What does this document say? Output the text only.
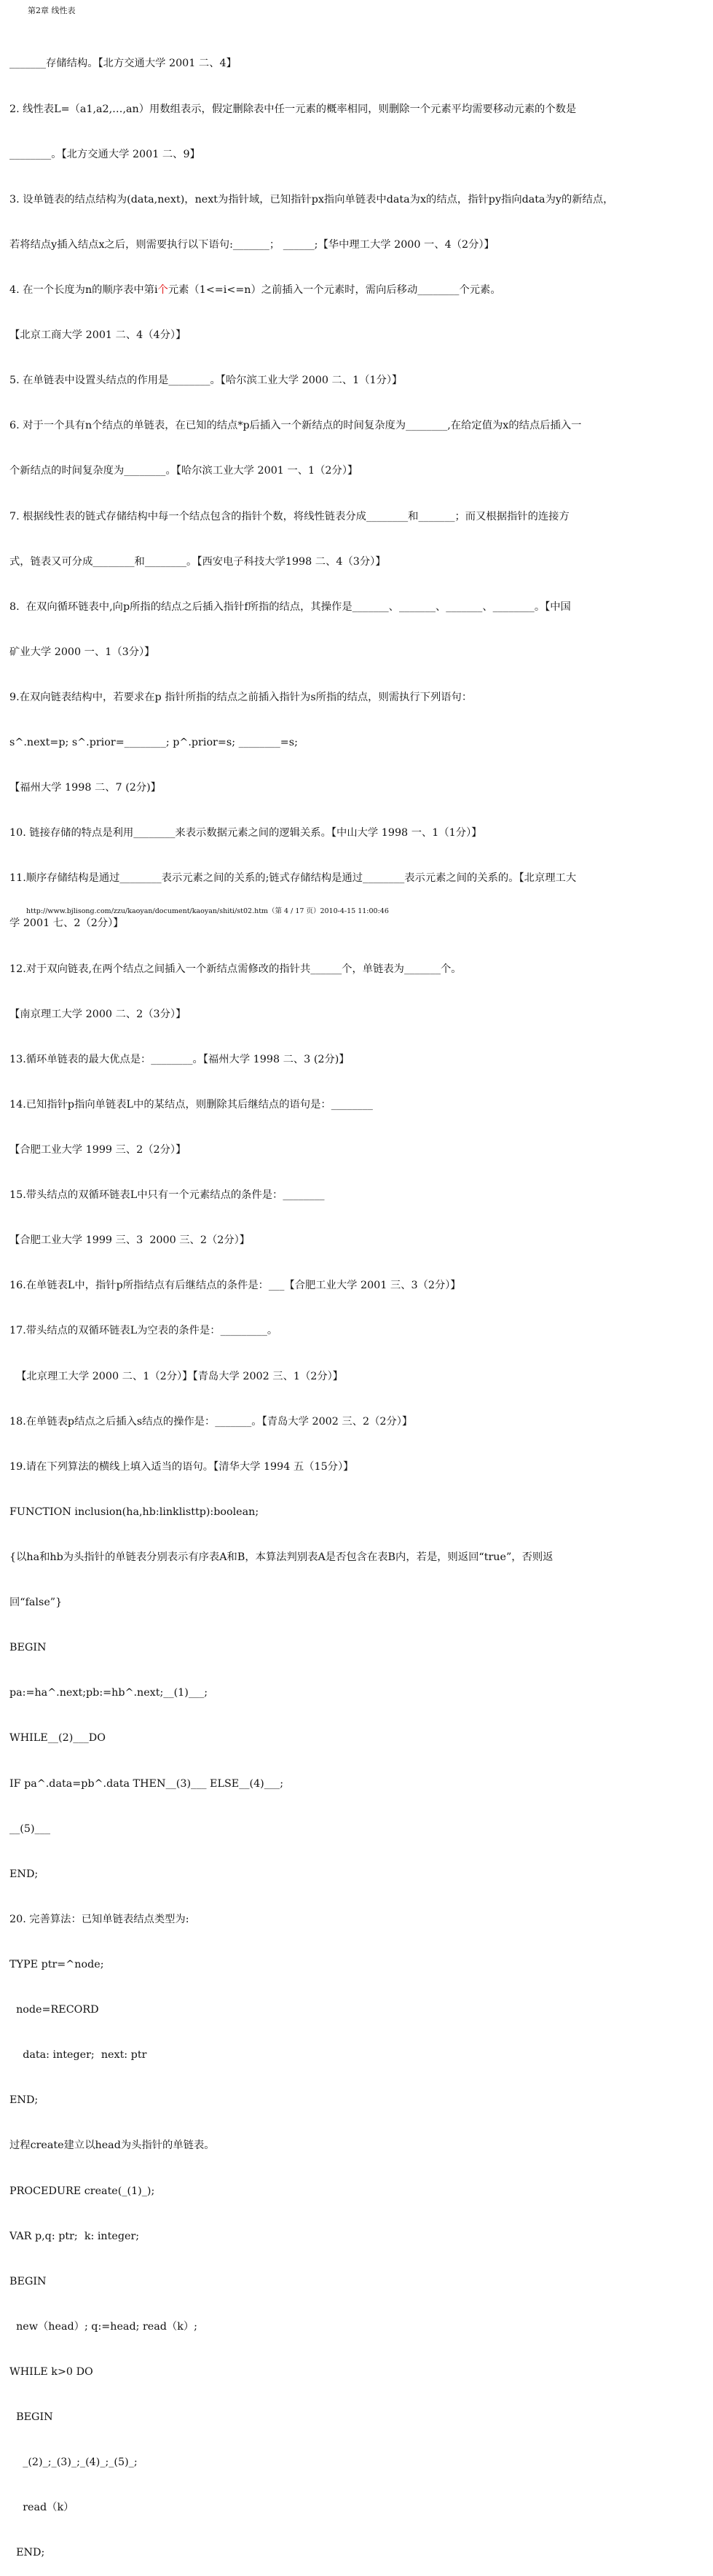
第2章 线性表

_______存储结构。【北方交通大学 2001 二、4】

2. 线性表L=（a1,a2,…,an）用数组表示，假定删除表中任一元素的概率相同，则删除一个元素平均需要移动元素的个数是

________。【北方交通大学 2001 二、9】

3. 设单链表的结点结构为(data,next)，next为指针域，已知指针px指向单链表中data为x的结点，指针py指向data为y的新结点，

若将结点y插入结点x之后，则需要执行以下语句:_______； ______;【华中理工大学 2000 一、4（2分）】

4. 在一个长度为n的顺序表中第i个元素（1<=i<=n）之前插入一个元素时，需向后移动________个元素。

【北京工商大学 2001 二、4（4分）】

5. 在单链表中设置头结点的作用是________。【哈尔滨工业大学 2000 二、1（1分）】

6. 对于一个具有n个结点的单链表，在已知的结点*p后插入一个新结点的时间复杂度为________,在给定值为x的结点后插入一

个新结点的时间复杂度为________。【哈尔滨工业大学 2001 一、1（2分）】

7. 根据线性表的链式存储结构中每一个结点包含的指针个数，将线性链表分成________和_______；而又根据指针的连接方

式，链表又可分成________和________。【西安电子科技大学1998 二、4（3分）】

8.  在双向循环链表中,向p所指的结点之后插入指针f所指的结点，其操作是_______、_______、_______、________。【中国

矿业大学 2000 一、1（3分）】

9.在双向链表结构中，若要求在p 指针所指的结点之前插入指针为s所指的结点，则需执行下列语句：

s^.next=p; s^.prior=________; p^.prior=s; ________=s;

【福州大学 1998 二、7 (2分)】

10. 链接存储的特点是利用________来表示数据元素之间的逻辑关系。【中山大学 1998 一、1（1分）】

11.顺序存储结构是通过________表示元素之间的关系的;链式存储结构是通过________表示元素之间的关系的。【北京理工大

学 2001 七、2（2分）】

12.对于双向链表,在两个结点之间插入一个新结点需修改的指针共______个，单链表为_______个。

【南京理工大学 2000 二、2（3分）】

13.循环单链表的最大优点是：________。【福州大学 1998 二、3 (2分)】

14.已知指针p指向单链表L中的某结点，则删除其后继结点的语句是：________

【合肥工业大学 1999 三、2（2分）】

15.带头结点的双循环链表L中只有一个元素结点的条件是：________

【合肥工业大学 1999 三、3  2000 三、2（2分）】

16.在单链表L中，指针p所指结点有后继结点的条件是：___【合肥工业大学 2001 三、3（2分）】

17.带头结点的双循环链表L为空表的条件是：_________。

【北京理工大学 2000 二、1（2分）】【青岛大学 2002 三、1（2分）】

18.在单链表p结点之后插入s结点的操作是：_______。【青岛大学 2002 三、2（2分）】

19.请在下列算法的横线上填入适当的语句。【清华大学 1994 五（15分）】

FUNCTION inclusion(ha,hb:linklisttp):boolean;

{以ha和hb为头指针的单链表分别表示有序表A和B，本算法判别表A是否包含在表B内，若是，则返回“true”，否则返

回“false”}

BEGIN

pa:=ha^.next;pb:=hb^.next;__(1)___;

WHILE__(2)___DO

IF pa^.data=pb^.data THEN__(3)___ ELSE__(4)___;

__(5)___

END;

20. 完善算法：已知单链表结点类型为:

TYPE ptr=^node;

node=RECORD

data: integer;  next: ptr

END;

过程create建立以head为头指针的单链表。

PROCEDURE create(_(1)_);

VAR p,q: ptr;  k: integer;

BEGIN

new（head）; q:=head; read（k）;

WHILE k>0 DO

BEGIN

_(2)_;_(3)_;_(4)_;_(5)_;

read（k）

END;

http://www.bjlisong.com/zzu/kaoyan/document/kaoyan/shiti/st02.htm（第 4 / 17 页）2010-4-15 11:00:46
